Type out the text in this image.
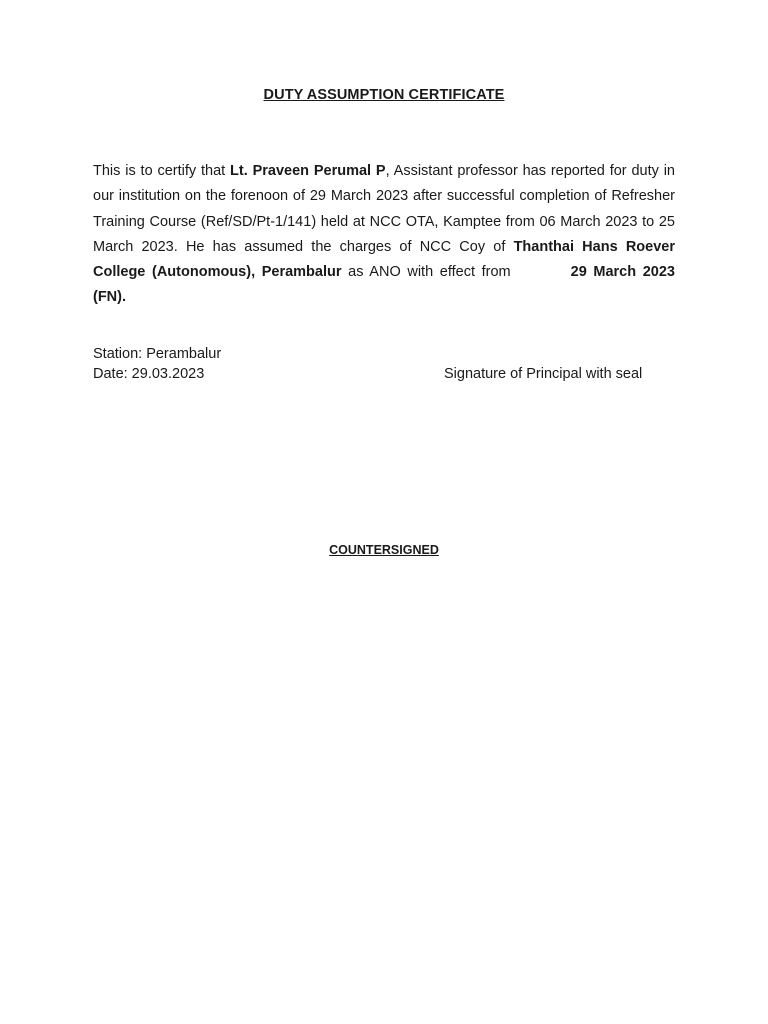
DUTY ASSUMPTION CERTIFICATE
This is to certify that Lt. Praveen Perumal P, Assistant professor has reported for duty in our institution on the forenoon of 29 March 2023 after successful completion of Refresher Training Course (Ref/SD/Pt-1/141) held at NCC OTA, Kamptee from 06 March 2023 to 25 March 2023. He has assumed the charges of NCC Coy of Thanthai Hans Roever College (Autonomous), Perambalur as ANO with effect from	29 March 2023 (FN).
Station: Perambalur
Date: 29.03.2023	Signature of Principal with seal
COUNTERSIGNED
